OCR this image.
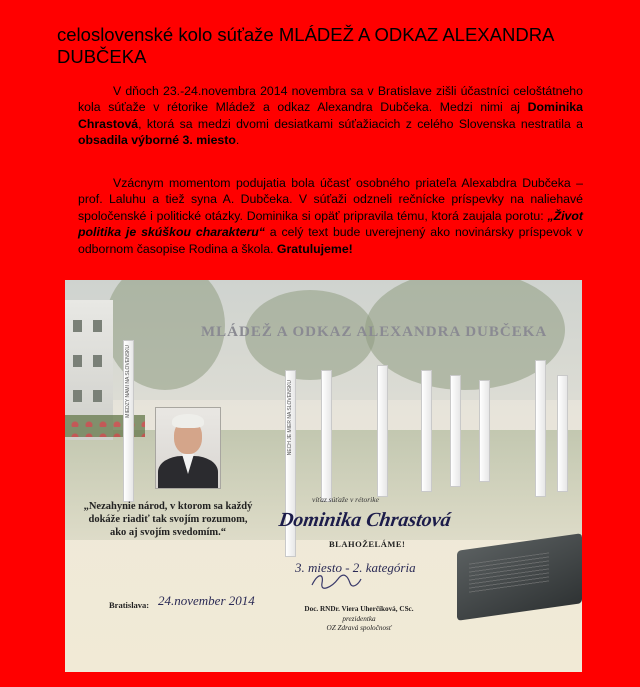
celoslovenské kolo súťaže MLÁDEŽ A ODKAZ ALEXANDRA DUBČEKA

V dňoch 23.-24.novembra 2014 novembra sa v Bratislave zišli účastníci celoštátneho kola súťaže v rétorike Mládež a odkaz Alexandra Dubčeka. Medzi nimi aj Dominika Chrastová, ktorá sa medzi dvomi desiatkami súťažiacich z celého Slovenska nestratila a obsadila výborné 3. miesto.

Vzácnym momentom podujatia bola účasť osobného priateľa Alexabdra Dubčeka – prof. Laluhu a tiež syna A. Dubčeka. V súťaži odzneli rečnícke príspevky na naliehavé spoločenské i politické otázky. Dominika si opäť pripravila tému, ktorá zaujala porotu: „Život politika je skúškou charakteru“ a celý text bude uverejnený ako novinársky príspevok v odbornom časopise Rodina a škola. Gratulujeme!

MIEDZY NAMI NA SLOVENSKU	NECH JE MIER NA SLOVENSKU
MLÁDEŽ A ODKAZ ALEXANDRA DUBČEKA
„Nezahynie národ, v ktorom sa každý dokáže riadiť tak svojím rozumom, ako aj svojím svedomím.“
víťaz súťaže v rétorike
Dominika Chrastová
BLAHOŽELÁME!
3. miesto - 2. kategória
Bratislava: 24.november 2014
Doc. RNDr. Viera Uherčíková, CSc.
prezidentka
OZ Zdravá spoločnosť
